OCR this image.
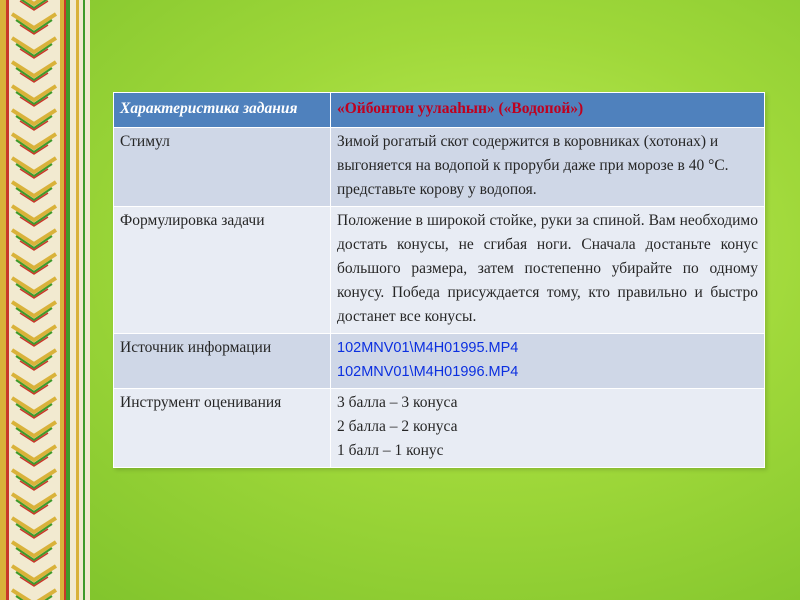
Характеристика задания	«Ойбонтон уулааһын» («Водопой»)
Стимул	Зимой рогатый скот содержится в коровниках (хотонах) и выгоняется на водопой к проруби даже при морозе в 40 °С. представьте корову у водопоя.
Формулировка задачи	Положение в широкой стойке, руки за спиной. Вам необходимо достать конусы, не сгибая ноги. Сначала достаньте конус большого размера, затем постепенно убирайте по одному конусу. Победа присуждается тому, кто правильно и быстро достанет все конусы.
Источник информации	102MNV01\M4H01995.MP4
102MNV01\M4H01996.MP4
Инструмент оценивания	3 балла – 3 конуса
2 балла – 2 конуса
1 балл – 1 конус
